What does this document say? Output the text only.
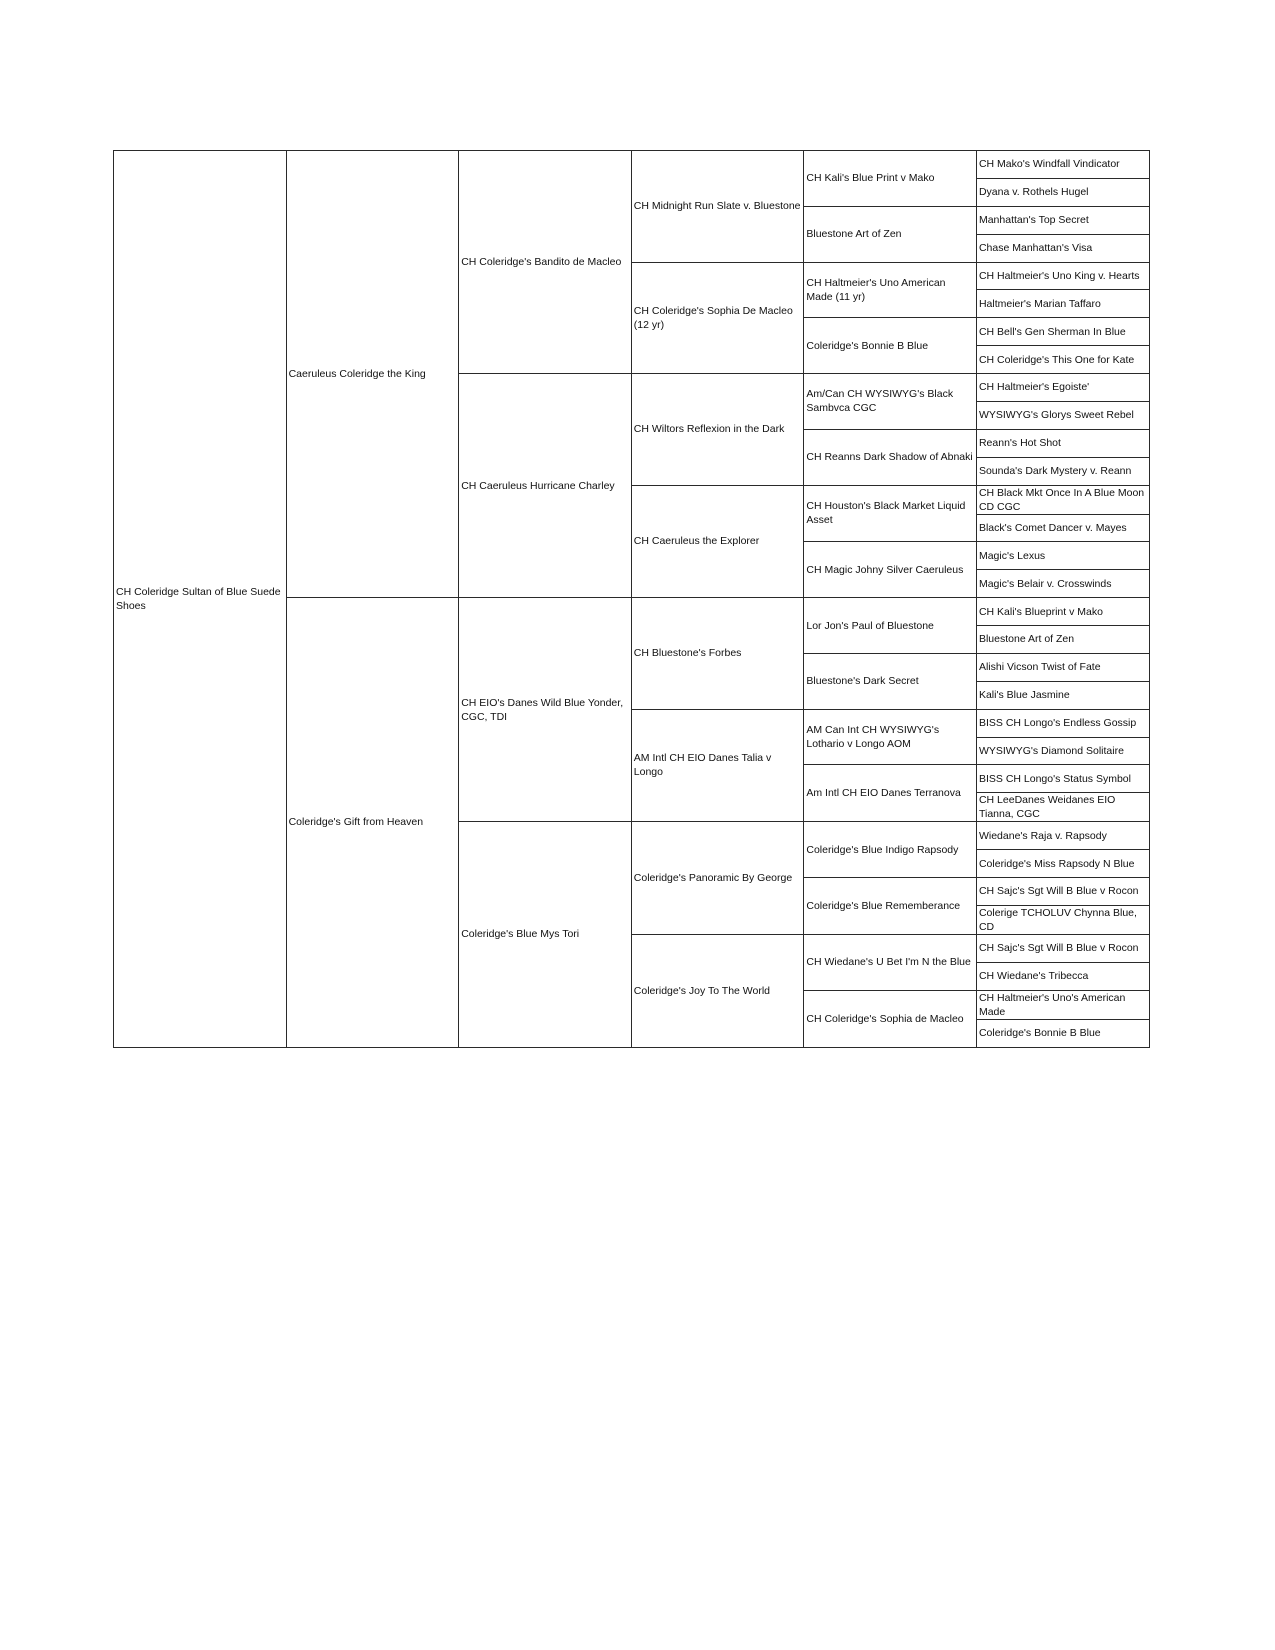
CH Coleridge Sultan of Blue Suede Shoes	Caeruleus Coleridge the King	CH Coleridge's Bandito de Macleo	CH Midnight Run Slate v. Bluestone	CH Kali's Blue Print v Mako	CH Mako's Windfall Vindicator
					Dyana v. Rothels Hugel
				Bluestone Art of Zen	Manhattan's Top Secret
					Chase Manhattan's Visa
			CH Coleridge's Sophia De Macleo (12 yr)	CH Haltmeier's Uno American Made (11 yr)	CH Haltmeier's Uno King v. Hearts
					Haltmeier's Marian Taffaro
				Coleridge's Bonnie B Blue	CH Bell's Gen Sherman In Blue
					CH Coleridge's This One for Kate
		CH Caeruleus Hurricane Charley	CH Wiltors Reflexion in the Dark	Am/Can CH WYSIWYG's Black Sambvca CGC	CH Haltmeier's Egoiste'
					WYSIWYG's Glorys Sweet Rebel
				CH Reanns Dark Shadow of Abnaki	Reann's Hot Shot
					Sounda's Dark Mystery v. Reann
			CH Caeruleus the Explorer	CH Houston's Black Market Liquid Asset	CH Black Mkt Once In A Blue Moon CD CGC
					Black's Comet Dancer v. Mayes
				CH Magic Johny Silver Caeruleus	Magic's Lexus
					Magic's Belair v. Crosswinds
	Coleridge's Gift from Heaven	CH EIO's Danes Wild Blue Yonder, CGC, TDI	CH Bluestone's Forbes	Lor Jon's Paul of Bluestone	CH Kali's Blueprint v Mako
					Bluestone Art of Zen
				Bluestone's Dark Secret	Alishi Vicson Twist of Fate
					Kali's Blue Jasmine
			AM Intl CH EIO Danes Talia v Longo	AM Can Int CH WYSIWYG's Lothario v Longo AOM	BISS CH Longo's Endless Gossip
					WYSIWYG's Diamond Solitaire
				Am Intl CH EIO Danes Terranova	BISS CH Longo's Status Symbol
					CH LeeDanes Weidanes EIO Tianna, CGC
		Coleridge's Blue Mys Tori	Coleridge's Panoramic By George	Coleridge's Blue Indigo Rapsody	Wiedane's Raja v. Rapsody
					Coleridge's Miss Rapsody N Blue
				Coleridge's Blue Rememberance	CH Sajc's Sgt Will B Blue v Rocon
					Colerige TCHOLUV Chynna Blue, CD
			Coleridge's Joy To The World	CH Wiedane's U Bet I'm N the Blue	CH Sajc's Sgt Will B Blue v Rocon
					CH Wiedane's Tribecca
				CH Coleridge's Sophia de Macleo	CH Haltmeier's Uno's American Made
					Coleridge's Bonnie B Blue
